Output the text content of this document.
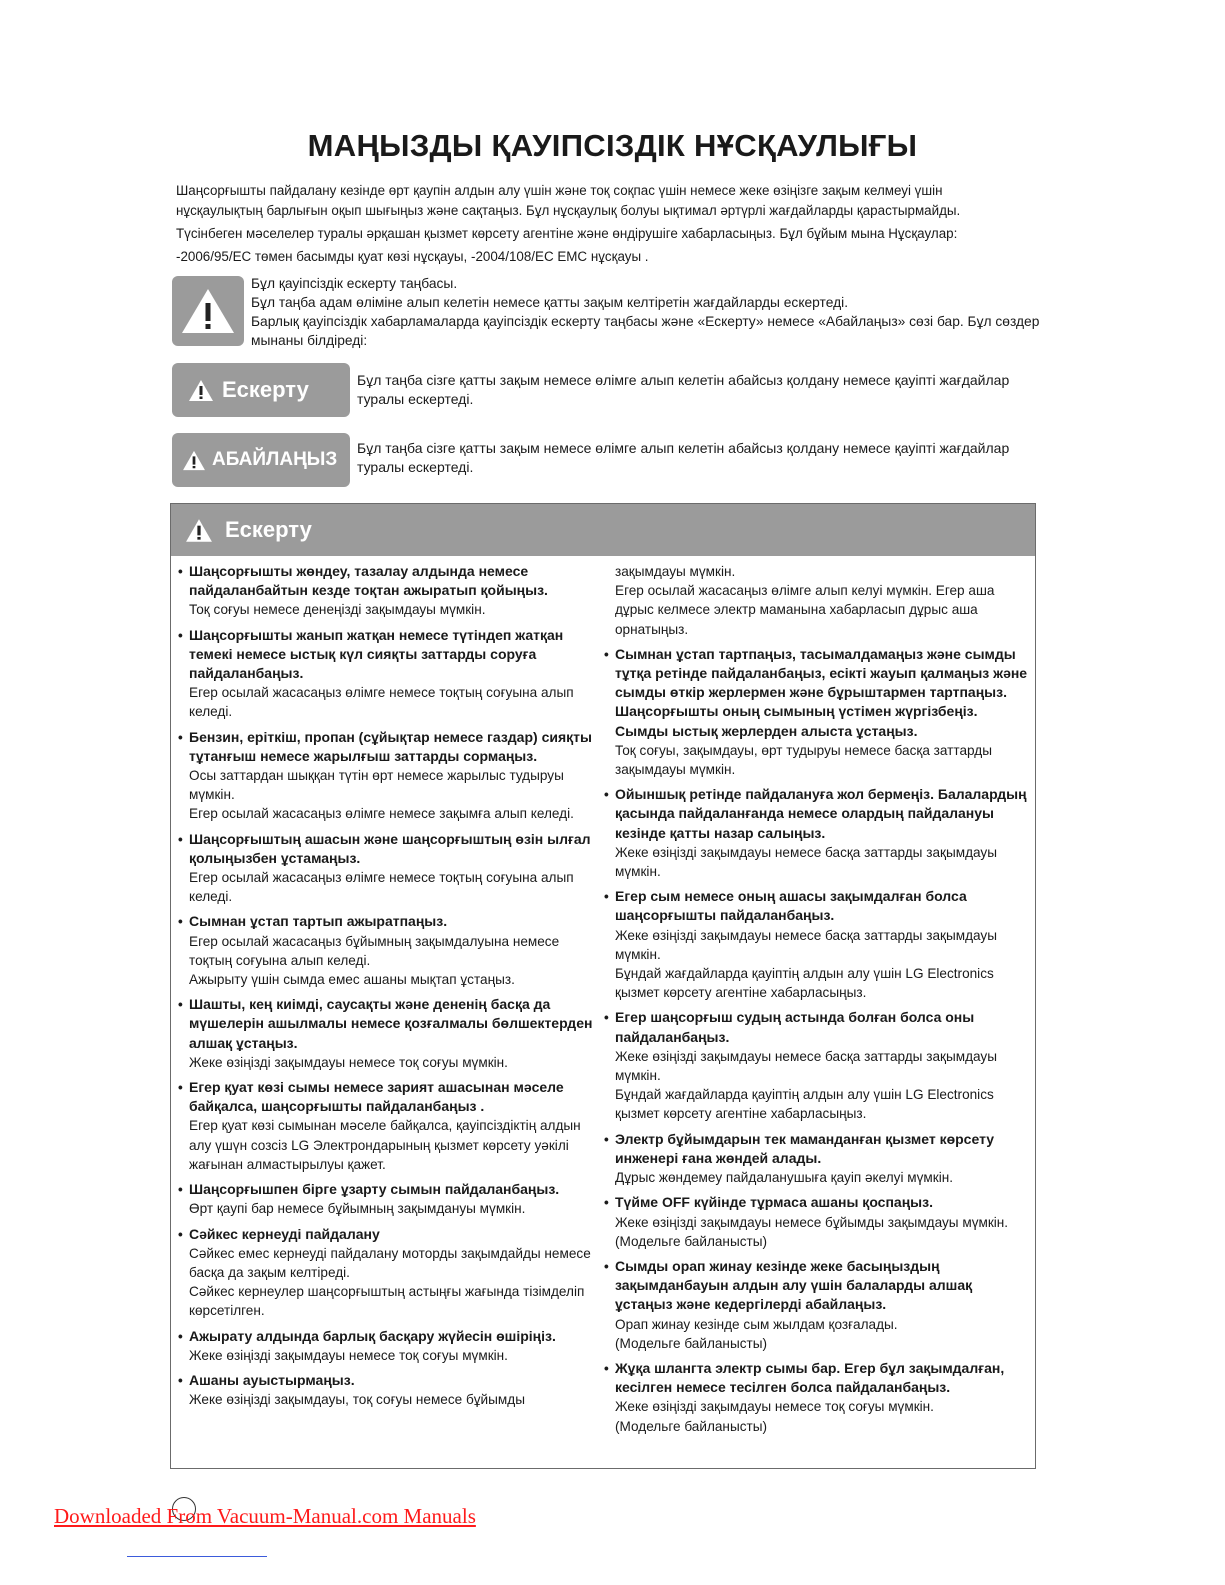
МАҢЫЗДЫ ҚАУІПСІЗДІК НҰСҚАУЛЫҒЫ

Шаңсорғышты пайдалану кезінде өрт қаупін алдын алу үшін және тоқ соқпас үшін немесе жеке өзіңізге зақым келмеуі үшін

нұсқаулықтың барлығын оқып шығыңыз және сақтаңыз. Бұл нұсқаулық болуы ықтимал әртүрлі жағдайларды қарастырмайды.

Түсінбеген мәселелер туралы әрқашан қызмет көрсету агентіне және өндірушіге хабарласыңыз. Бұл бұйым мына Нұсқаулар:

-2006/95/EC төмен басымды қуат көзі нұсқауы, -2004/108/EC EMC нұсқауы .

Бұл қауіпсіздік ескерту таңбасы.

Бұл таңба адам өліміне алып келетін немесе қатты зақым келтіретін жағдайларды ескертеді.

Барлық қауіпсіздік хабарламаларда қауіпсіздік ескерту таңбасы және «Ескерту» немесе «Абайлаңыз» сөзі бар. Бұл сөздер мынаны білдіреді:

Ескерту	Бұл таңба сізге қатты зақым немесе өлімге алып келетін абайсыз қолдану немесе қауіпті жағдайлар туралы ескертеді.
АБАЙЛАҢЫЗ
Бұл таңба сізге қатты зақым немесе өлімге алып келетін абайсыз қолдану немесе қауіпті жағдайлар туралы ескертеді.
Ескерту
• Шаңсорғышты жөндеу, тазалау алдында немесе пайдаланбайтын кезде тоқтан ажыратып қойыңыз.
Тоқ соғуы немесе денеңізді зақымдауы мүмкін.
• Шаңсорғышты жанып жатқан немесе түтіндеп жатқан темекі немесе ыстық күл сияқты заттарды соруға пайдаланбаңыз.
Егер осылай жасасаңыз өлімге немесе тоқтың соғуына алып келеді.
• Бензин, еріткіш, пропан (сұйықтар немесе газдар) сияқты тұтанғыш немесе жарылғыш заттарды сормаңыз.
Осы заттардан шыққан түтін өрт немесе жарылыс тудыруы мүмкін.
Егер осылай жасасаңыз өлімге немесе зақымға алып келеді.
• Шаңсорғыштың ашасын және шаңсорғыштың өзін ылғал қолыңызбен ұстамаңыз.
Егер осылай жасасаңыз өлімге немесе тоқтың соғуына алып келеді.
• Сымнан ұстап тартып ажыратпаңыз.
Егер осылай жасасаңыз бұйымның зақымдалуына немесе тоқтың соғуына алып келеді.
Ажырыту үшін сымда емес ашаны мықтап ұстаңыз.
• Шашты, кең киімді, саусақты және дененің басқа да мүшелерін ашылмалы немесе қозғалмалы бөлшектерден алшақ ұстаңыз.
Жеке өзіңізді зақымдауы немесе тоқ соғуы мүмкін.
• Егер қуат көзі сымы немесе зарият ашасынан мәселе байқалса, шаңсорғышты пайдаланбаңыз .
Егер қуат көзі сымынан мәселе байқалса, қауіпсіздіктің алдын алу үшүн созсіз LG Электрондарының қызмет көрсету уәкілі жағынан алмастырылуы қажет.
• Шаңсорғышпен бірге ұзарту сымын пайдаланбаңыз.
Өрт қаупі бар немесе бұйымның зақымдануы мүмкін.
• Сәйкес кернеуді пайдалану
Сәйкес емес кернеуді пайдалану моторды зақымдайды немесе басқа да зақым келтіреді.
Сәйкес кернеулер шаңсорғыштың астыңғы жағында тізімделіп көрсетілген.
• Ажырату алдында барлық басқару жүйесін өшіріңіз.
Жеке өзіңізді зақымдауы немесе тоқ соғуы мүмкін.
• Ашаны ауыстырмаңыз.
Жеке өзіңізді зақымдауы, тоқ соғуы немесе бұйымды
зақымдауы мүмкін.
Егер осылай жасасаңыз өлімге алып келуі мүмкін. Егер аша дұрыс келмесе электр маманына хабарласып дұрыс аша орнатыңыз.
• Сымнан ұстап тартпаңыз, тасымалдамаңыз және сымды тұтқа ретінде пайдаланбаңыз, есікті жауып қалмаңыз және сымды өткір жерлермен және бұрыштармен тартпаңыз. Шаңсорғышты оның сымының үстімен жүргізбеңіз. Сымды ыстық жерлерден алыста ұстаңыз.
Тоқ соғуы, зақымдауы, өрт тудыруы немесе басқа заттарды зақымдауы мүмкін.
• Ойыншық ретінде пайдалануға жол бермеңіз. Балалардың қасында пайдаланғанда немесе олардың пайдалануы кезінде қатты назар салыңыз.
Жеке өзіңізді зақымдауы немесе басқа заттарды зақымдауы мүмкін.
• Егер сым немесе оның ашасы зақымдалған болса шаңсорғышты пайдаланбаңыз.
Жеке өзіңізді зақымдауы немесе басқа заттарды зақымдауы мүмкін.
Бұндай жағдайларда қауіптің алдын алу үшін LG Electronics қызмет көрсету агентіне хабарласыңыз.
• Егер шаңсорғыш судың астында болған болса оны пайдаланбаңыз.
Жеке өзіңізді зақымдауы немесе басқа заттарды зақымдауы мүмкін.
Бұндай жағдайларда қауіптің алдын алу үшін LG Electronics қызмет көрсету агентіне хабарласыңыз.
• Электр бұйымдарын тек маманданған қызмет көрсету инженері ғана жөндей алады.
Дұрыс жөндемеу пайдаланушыға қауіп әкелуі мүмкін.
• Түйме OFF күйінде тұрмаса ашаны қоспаңыз.
Жеке өзіңізді зақымдауы немесе бұйымды зақымдауы мүмкін. (Модельге байланысты)
• Сымды орап жинау кезінде жеке басыңыздың зақымданбауын алдын алу үшін балаларды алшақ ұстаңыз және кедергілерді абайлаңыз.
Орап жинау кезінде сым жылдам қозғалады.
(Модельге байланысты)
• Жұқа шлангта электр сымы бар. Егер бұл зақымдалған, кесілген немесе тесілген болса пайдаланбаңыз.
Жеке өзіңізді зақымдауы немесе тоқ соғуы мүмкін.
(Модельге байланысты)
Downloaded From Vacuum-Manual.com Manuals
